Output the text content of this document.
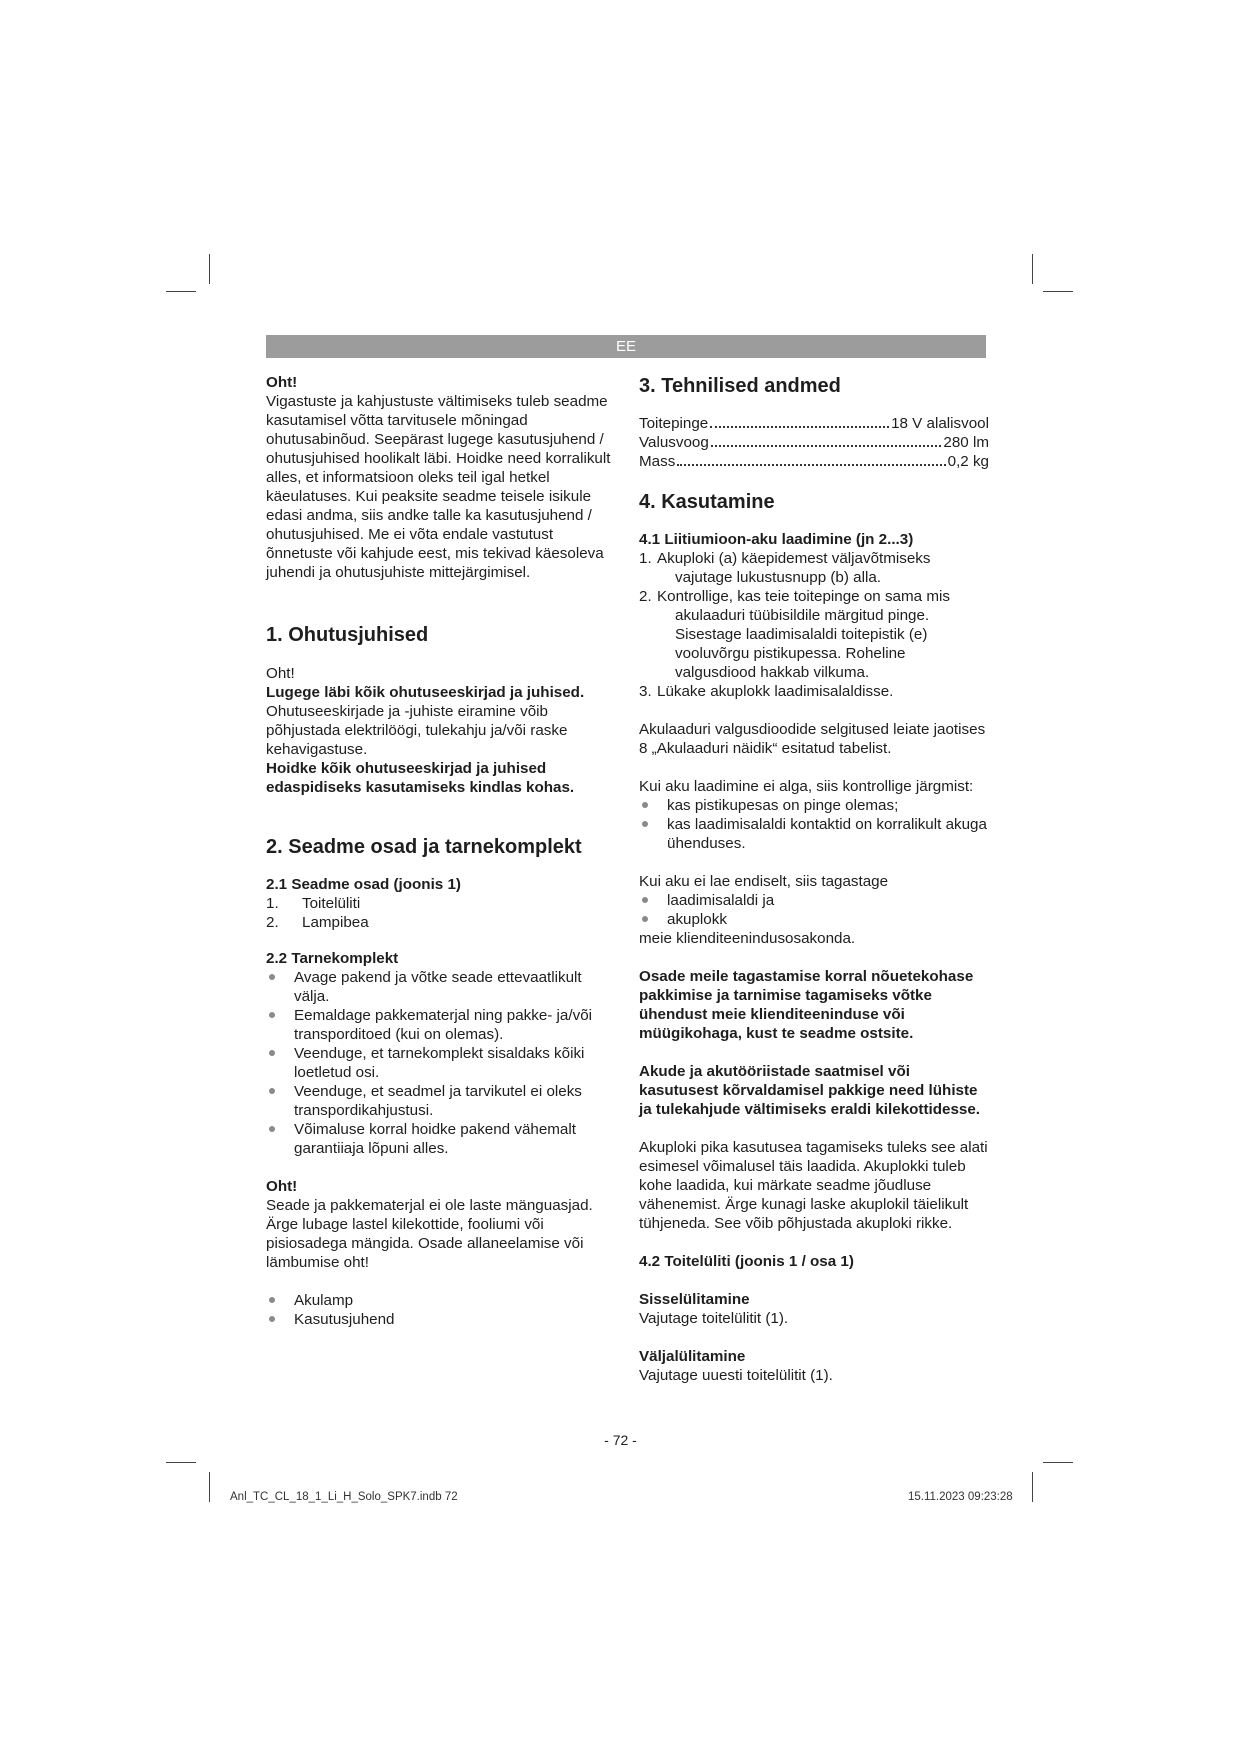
EE

Oht!

Vigastuste ja kahjustuste vältimiseks tuleb seadme kasutamisel võtta tarvitusele mõningad ohutusabinõud. Seepärast lugege kasutusjuhend / ohutusjuhised hoolikalt läbi. Hoidke need korralikult alles, et informatsioon oleks teil igal hetkel käeulatuses. Kui peaksite seadme teisele isikule edasi andma, siis andke talle ka kasutusjuhend / ohutusjuhised. Me ei võta endale vastutust õnnetuste või kahjude eest, mis tekivad käesoleva juhendi ja ohutusjuhiste mittejärgimisel.

1. Ohutusjuhised

Oht!

Lugege läbi kõik ohutuseeskirjad ja juhised.

Ohutuseeskirjade ja -juhiste eiramine võib põhjustada elektrilöögi, tulekahju ja/või raske kehavigastuse.

Hoidke kõik ohutuseeskirjad ja juhised edaspidiseks kasutamiseks kindlas kohas.

2. Seadme osad ja tarnekomplekt

2.1 Seadme osad (joonis 1)

1.	Toitelüliti
2.	Lampibea

2.2 Tarnekomplekt

Avage pakend ja võtke seade ettevaatlikult välja.
Eemaldage pakkematerjal ning pakke- ja/või transporditoed (kui on olemas).
Veenduge, et tarnekomplekt sisaldaks kõiki loetletud osi.
Veenduge, et seadmel ja tarvikutel ei oleks transpordikahjustusi.
Võimaluse korral hoidke pakend vähemalt garantiiaja lõpuni alles.

Oht!

Seade ja pakkematerjal ei ole laste mänguasjad. Ärge lubage lastel kilekottide, fooliumi või pisiosadega mängida. Osade allaneelamise või lämbumise oht!

Akulamp
Kasutusjuhend
3. Tehnilised andmed
Toitepinge	18 V alalisvool
Valusvoog	280 lm
Mass	0,2 kg
4. Kasutamine

4.1 Liitiumioon-aku laadimine (jn 2...3)

1. Akuploki (a) käepidemest väljavõtmiseks vajutage lukustusnupp (b) alla.
2. Kontrollige, kas teie toitepinge on sama mis akulaaduri tüübisildile märgitud pinge. Sisestage laadimisalaldi toitepistik (e) vooluvõrgu pistikupessa. Roheline valgusdiood hakkab vilkuma.
3. Lükake akuplokk laadimisalaldisse.

Akulaaduri valgusdioodide selgitused leiate jaotises 8 „Akulaaduri näidik“ esitatud tabelist.

Kui aku laadimine ei alga, siis kontrollige järgmist:

kas pistikupesas on pinge olemas;
kas laadimisalaldi kontaktid on korralikult akuga ühenduses.

Kui aku ei lae endiselt, siis tagastage

laadimisalaldi ja
akuplokk

meie klienditeenindusosakonda.

Osade meile tagastamise korral nõuetekohase pakkimise ja tarnimise tagamiseks võtke ühendust meie klienditeeninduse või müügikohaga, kust te seadme ostsite.

Akude ja akutööriistade saatmisel või kasutusest kõrvaldamisel pakkige need lühiste ja tulekahjude vältimiseks eraldi kilekottidesse.

Akuploki pika kasutusea tagamiseks tuleks see alati esimesel võimalusel täis laadida. Akuplokki tuleb kohe laadida, kui märkate seadme jõudluse vähenemist. Ärge kunagi laske akuplokil täielikult tühjeneda. See võib põhjustada akuploki rikke.

4.2 Toitelüliti (joonis 1 / osa 1)

Sisselülitamine

Vajutage toitelülitit (1).

Väljalülitamine

Vajutage uuesti toitelülitit (1).

- 72 -
Anl_TC_CL_18_1_Li_H_Solo_SPK7.indb 72	15.11.2023 09:23:28
